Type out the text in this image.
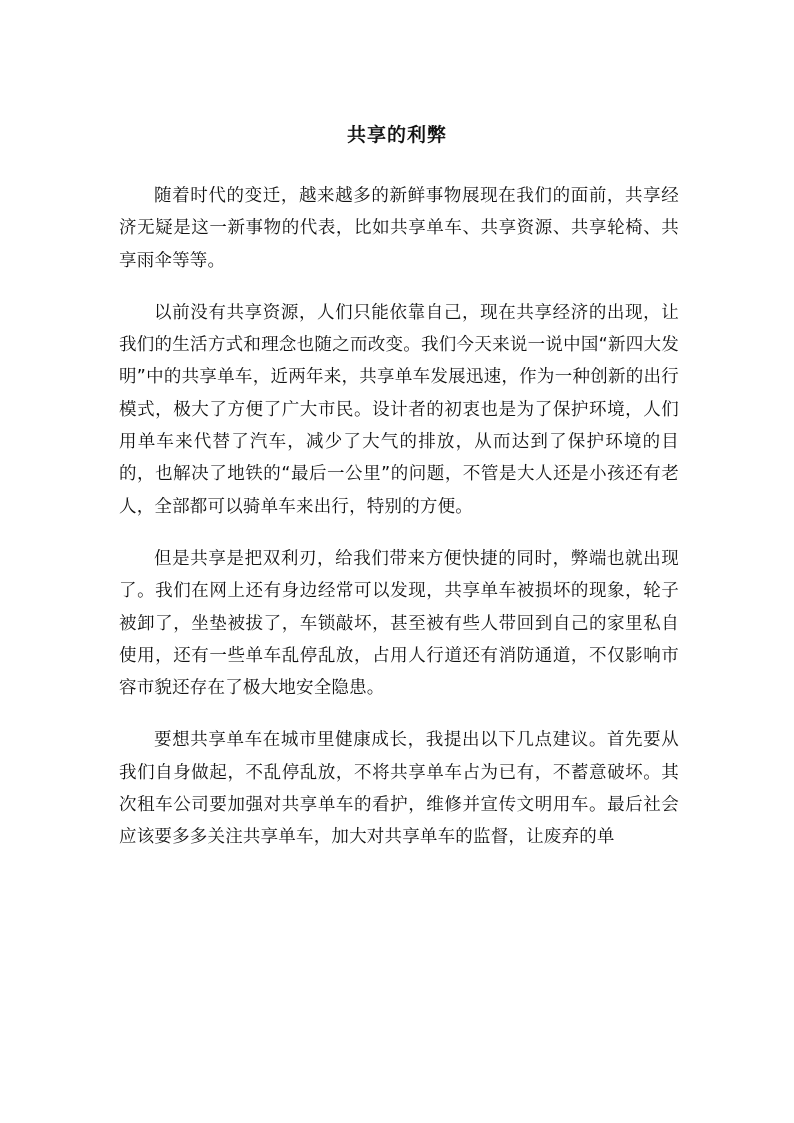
共享的利弊

随着时代的变迁，越来越多的新鲜事物展现在我们的面前，共享经济无疑是这一新事物的代表，比如共享单车、共享资源、共享轮椅、共享雨伞等等。

以前没有共享资源，人们只能依靠自己，现在共享经济的出现，让我们的生活方式和理念也随之而改变。我们今天来说一说中国“新四大发明”中的共享单车，近两年来，共享单车发展迅速，作为一种创新的出行模式，极大了方便了广大市民。设计者的初衷也是为了保护环境，人们用单车来代替了汽车，减少了大气的排放，从而达到了保护环境的目的，也解决了地铁的“最后一公里”的问题，不管是大人还是小孩还有老人，全部都可以骑单车来出行，特别的方便。

但是共享是把双利刃，给我们带来方便快捷的同时，弊端也就出现了。我们在网上还有身边经常可以发现，共享单车被损坏的现象，轮子被卸了，坐垫被拔了，车锁敲坏，甚至被有些人带回到自己的家里私自使用，还有一些单车乱停乱放，占用人行道还有消防通道，不仅影响市容市貌还存在了极大地安全隐患。

要想共享单车在城市里健康成长，我提出以下几点建议。首先要从我们自身做起，不乱停乱放，不将共享单车占为已有，不蓄意破坏。其次租车公司要加强对共享单车的看护，维修并宣传文明用车。最后社会应该要多多关注共享单车，加大对共享单车的监督，让废弃的单
